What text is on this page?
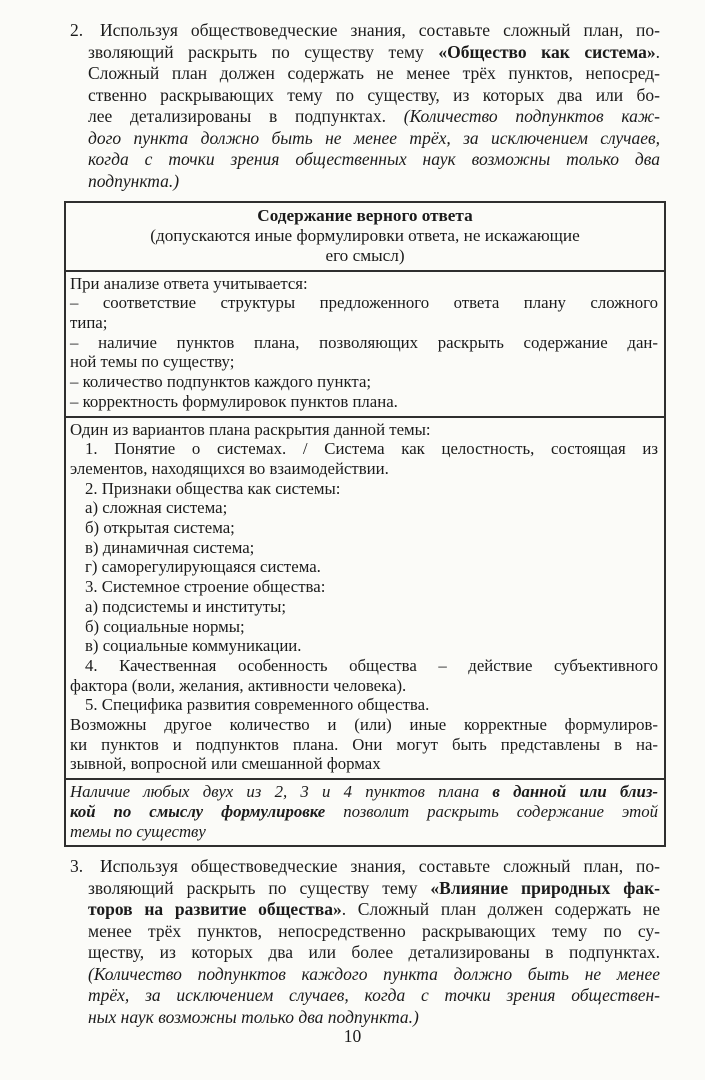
2. Используя обществоведческие знания, составьте сложный план, по-
зволяющий раскрыть по существу тему «Общество как система».
Сложный план должен содержать не менее трёх пунктов, непосред-
ственно раскрывающих тему по существу, из которых два или бо-
лее детализированы в подпунктах. (Количество подпунктов каж-
дого пункта должно быть не менее трёх, за исключением случаев,
когда с точки зрения общественных наук возможны только два
подпункта.)
Содержание верного ответа
(допускаются иные формулировки ответа, не искажающие
его смысл)
При анализе ответа учитывается:
– соответствие структуры предложенного ответа плану сложного
типа;
– наличие пунктов плана, позволяющих раскрыть содержание дан-
ной темы по существу;
– количество подпунктов каждого пункта;
– корректность формулировок пунктов плана.
Один из вариантов плана раскрытия данной темы:
1. Понятие о системах. / Система как целостность, состоящая из
элементов, находящихся во взаимодействии.
2. Признаки общества как системы:
а) сложная система;
б) открытая система;
в) динамичная система;
г) саморегулирующаяся система.
3. Системное строение общества:
а) подсистемы и институты;
б) социальные нормы;
в) социальные коммуникации.
4. Качественная особенность общества – действие субъективного
фактора (воли, желания, активности человека).
5. Специфика развития современного общества.
Возможны другое количество и (или) иные корректные формулиров-
ки пунктов и подпунктов плана. Они могут быть представлены в на-
зывной, вопросной или смешанной формах
Наличие любых двух из 2, 3 и 4 пунктов плана в данной или близ-
кой по смыслу формулировке позволит раскрыть содержание этой
темы по существу
3. Используя обществоведческие знания, составьте сложный план, по-
зволяющий раскрыть по существу тему «Влияние природных фак-
торов на развитие общества». Сложный план должен содержать не
менее трёх пунктов, непосредственно раскрывающих тему по су-
ществу, из которых два или более детализированы в подпунктах.
(Количество подпунктов каждого пункта должно быть не менее
трёх, за исключением случаев, когда с точки зрения обществен-
ных наук возможны только два подпункта.)
10
